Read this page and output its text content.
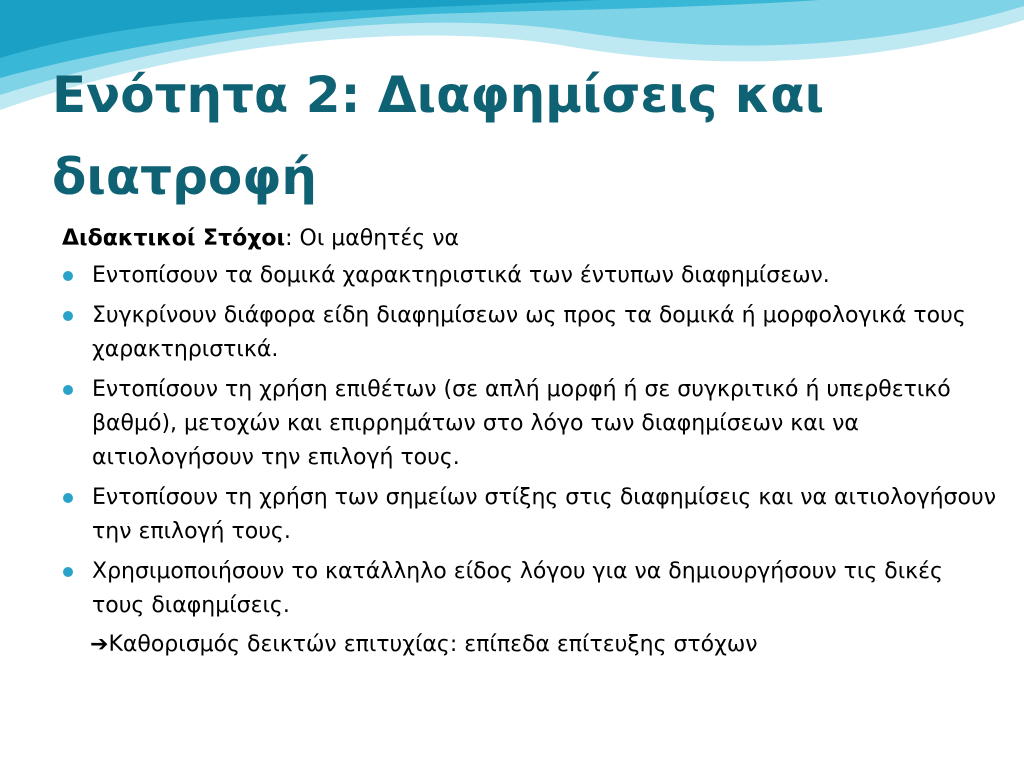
Ενότητα 2: Διαφημίσεις και διατροφή
Διδακτικοί Στόχοι: Οι μαθητές να
Εντοπίσουν τα δομικά χαρακτηριστικά των έντυπων διαφημίσεων.
Συγκρίνουν διάφορα είδη διαφημίσεων ως προς τα δομικά ή μορφολογικά τους χαρακτηριστικά.
Εντοπίσουν τη χρήση επιθέτων (σε απλή μορφή ή σε συγκριτικό ή υπερθετικό βαθμό), μετοχών και επιρρημάτων στο λόγο των διαφημίσεων και να αιτιολογήσουν την επιλογή τους.
Εντοπίσουν τη χρήση των σημείων στίξης στις διαφημίσεις και να αιτιολογήσουν την επιλογή τους.
Χρησιμοποιήσουν το κατάλληλο είδος λόγου για να δημιουργήσουν τις δικές τους διαφημίσεις.
➔Καθορισμός δεικτών επιτυχίας: επίπεδα επίτευξης στόχων
